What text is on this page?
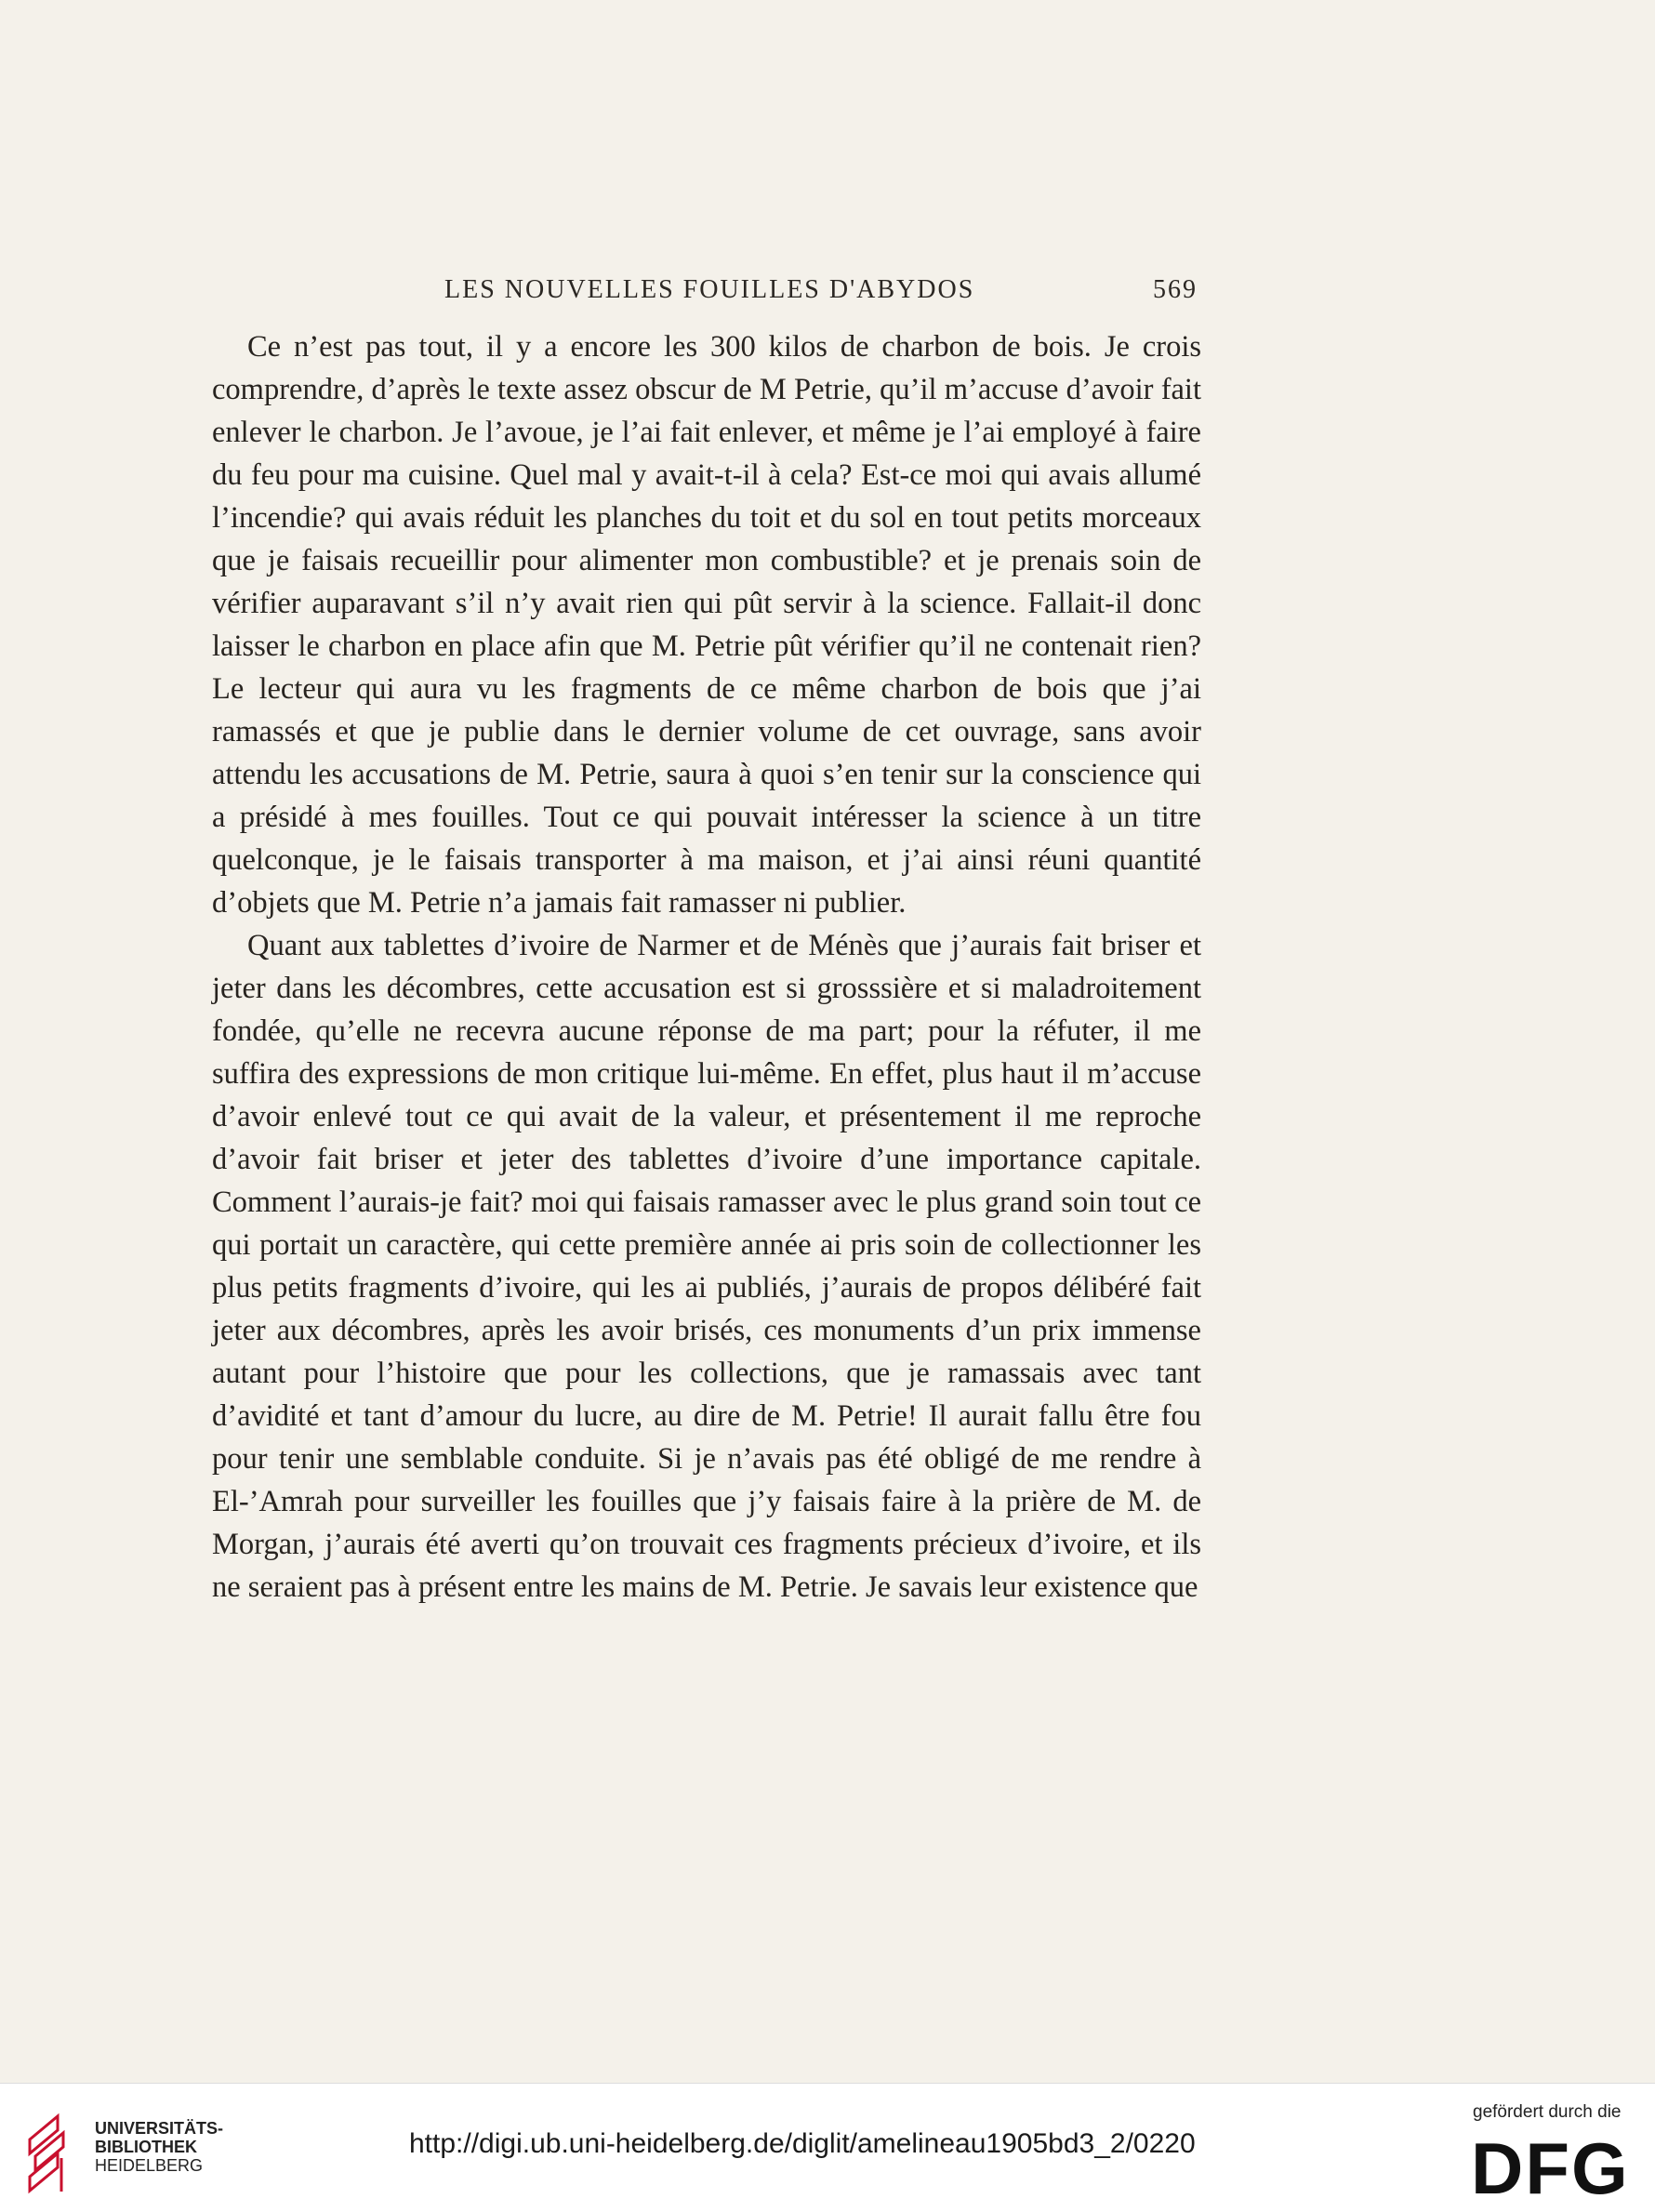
LES NOUVELLES FOUILLES D'ABYDOS	569

Ce n’est pas tout, il y a encore les 300 kilos de charbon de bois. Je crois comprendre, d’après le texte assez obscur de M Petrie, qu’il m’accuse d’avoir fait enlever le charbon. Je l’avoue, je l’ai fait enlever, et même je l’ai employé à faire du feu pour ma cuisine. Quel mal y avait-t-il à cela? Est-ce moi qui avais allumé l’incendie? qui avais réduit les planches du toit et du sol en tout petits morceaux que je faisais recueillir pour alimenter mon combustible? et je prenais soin de vérifier auparavant s’il n’y avait rien qui pût servir à la science. Fallait-il donc laisser le charbon en place afin que M. Petrie pût vérifier qu’il ne contenait rien? Le lecteur qui aura vu les fragments de ce même charbon de bois que j’ai ramassés et que je publie dans le dernier volume de cet ouvrage, sans avoir attendu les accusations de M. Petrie, saura à quoi s’en tenir sur la conscience qui a présidé à mes fouilles. Tout ce qui pouvait intéresser la science à un titre quelconque, je le faisais transporter à ma maison, et j’ai ainsi réuni quantité d’objets que M. Petrie n’a jamais fait ramasser ni publier.

Quant aux tablettes d’ivoire de Narmer et de Ménès que j’aurais fait briser et jeter dans les décombres, cette accusation est si grosssière et si maladroitement fondée, qu’elle ne recevra aucune réponse de ma part; pour la réfuter, il me suffira des expressions de mon critique lui-même. En effet, plus haut il m’accuse d’avoir enlevé tout ce qui avait de la valeur, et présentement il me reproche d’avoir fait briser et jeter des tablettes d’ivoire d’une importance capitale. Comment l’aurais-je fait? moi qui faisais ramasser avec le plus grand soin tout ce qui portait un caractère, qui cette première année ai pris soin de collectionner les plus petits fragments d’ivoire, qui les ai publiés, j’aurais de propos délibéré fait jeter aux décombres, après les avoir brisés, ces monuments d’un prix immense autant pour l’histoire que pour les collections, que je ramassais avec tant d’avidité et tant d’amour du lucre, au dire de M. Petrie! Il aurait fallu être fou pour tenir une semblable conduite. Si je n’avais pas été obligé de me rendre à El-’Amrah pour surveiller les fouilles que j’y faisais faire à la prière de M. de Morgan, j’aurais été averti qu’on trouvait ces fragments précieux d’ivoire, et ils ne seraient pas à présent entre les mains de M. Petrie. Je savais leur existence que

UNIVERSITÄTS-
BIBLIOTHEK
HEIDELBERG
http://digi.ub.uni-heidelberg.de/diglit/amelineau1905bd3_2/0220
gefördert durch die
DFG
